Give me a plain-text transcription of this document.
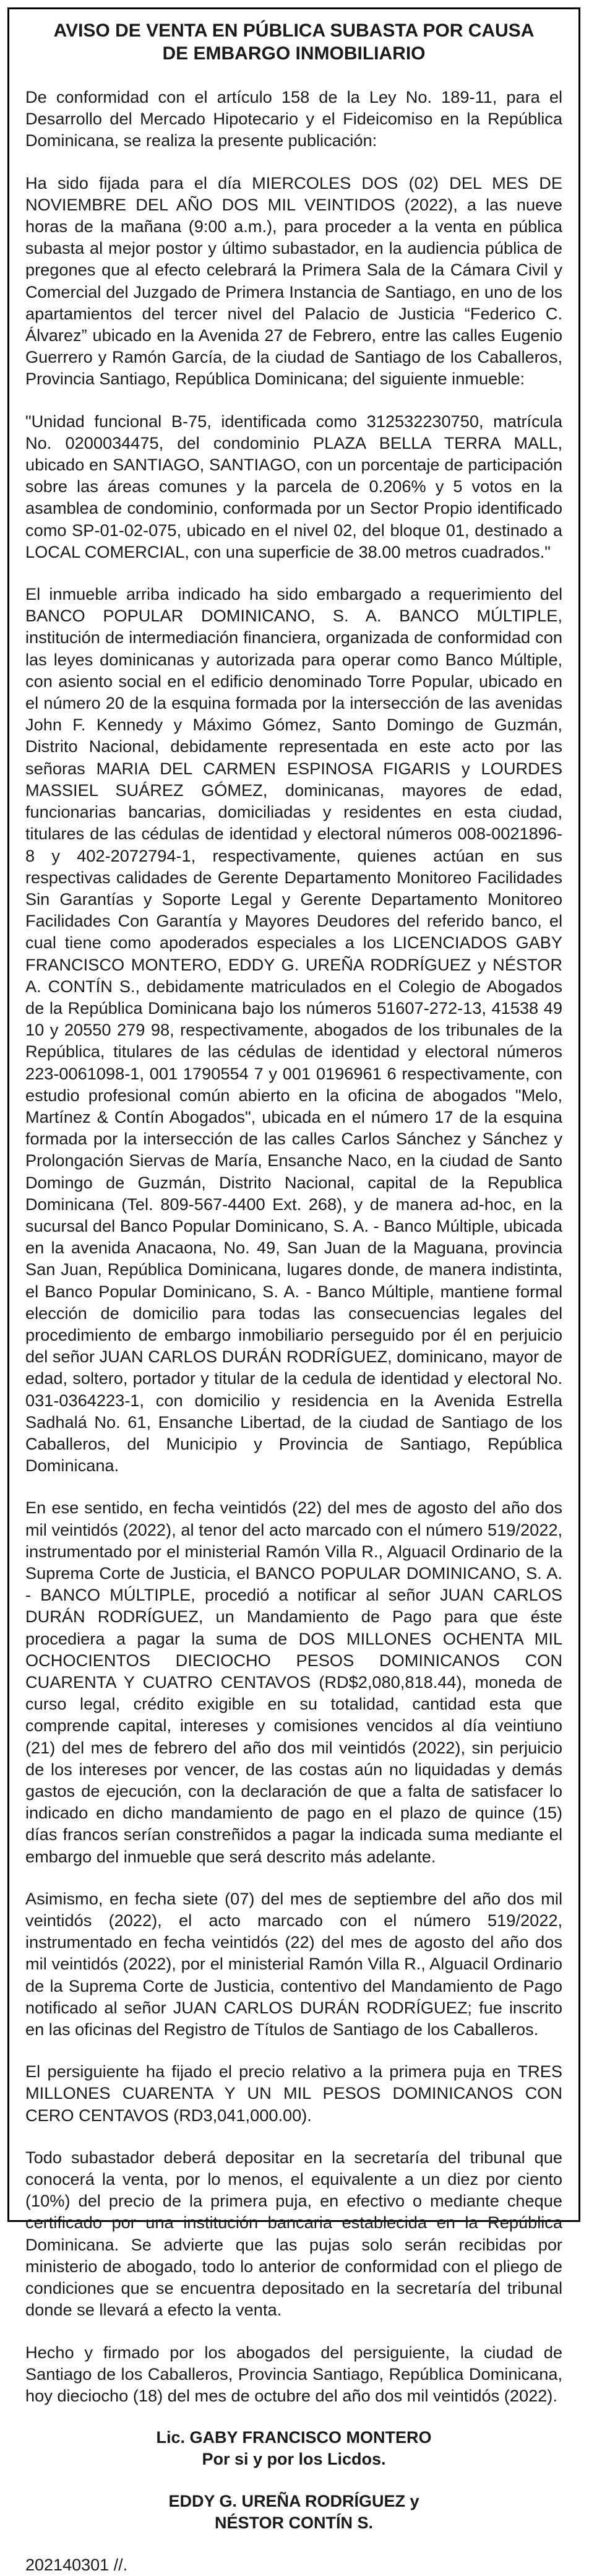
AVISO DE VENTA EN PÚBLICA SUBASTA POR CAUSA
DE EMBARGO INMOBILIARIO

De conformidad con el artículo 158 de la Ley No. 189-11, para el Desarrollo del Mercado Hipotecario y el Fideicomiso en la República Dominicana, se realiza la presente publicación:

Ha sido fijada para el día MIERCOLES DOS (02) DEL MES DE NOVIEMBRE DEL AÑO DOS MIL VEINTIDOS (2022), a las nueve horas de la mañana (9:00 a.m.), para proceder a la venta en pública subasta al mejor postor y último subastador, en la audiencia pública de pregones que al efecto celebrará la Primera Sala de la Cámara Civil y Comercial del Juzgado de Primera Instancia de Santiago, en uno de los apartamientos del tercer nivel del Palacio de Justicia “Federico C. Álvarez” ubicado en la Avenida 27 de Febrero, entre las calles Eugenio Guerrero y Ramón García, de la ciudad de Santiago de los Caballeros, Provincia Santiago, República Dominicana; del siguiente inmueble:

"Unidad funcional B-75, identificada como 312532230750, matrícula No. 0200034475, del condominio PLAZA BELLA TERRA MALL, ubicado en SANTIAGO, SANTIAGO, con un porcentaje de participación sobre las áreas comunes y la parcela de 0.206% y 5 votos en la asamblea de condominio, conformada por un Sector Propio identificado como SP-01-02-075, ubicado en el nivel 02, del bloque 01, destinado a LOCAL COMERCIAL, con una superficie de 38.00 metros cuadrados."

El inmueble arriba indicado ha sido embargado a requerimiento del BANCO POPULAR DOMINICANO, S. A. BANCO MÚLTIPLE, institución de intermediación financiera, organizada de conformidad con las leyes dominicanas y autorizada para operar como Banco Múltiple, con asiento social en el edificio denominado Torre Popular, ubicado en el número 20 de la esquina formada por la intersección de las avenidas John F. Kennedy y Máximo Gómez, Santo Domingo de Guzmán, Distrito Nacional, debidamente representada en este acto por las señoras MARIA DEL CARMEN ESPINOSA FIGARIS y LOURDES MASSIEL SUÁREZ GÓMEZ, dominicanas, mayores de edad, funcionarias bancarias, domiciliadas y residentes en esta ciudad, titulares de las cédulas de identidad y electoral números 008-0021896-8 y 402-2072794-1, respectivamente, quienes actúan en sus respectivas calidades de Gerente Departamento Monitoreo Facilidades Sin Garantías y Soporte Legal y Gerente Departamento Monitoreo Facilidades Con Garantía y Mayores Deudores del referido banco, el cual tiene como apoderados especiales a los LICENCIADOS GABY FRANCISCO MONTERO, EDDY G. UREÑA RODRÍGUEZ y NÉSTOR A. CONTÍN S., debidamente matriculados en el Colegio de Abogados de la República Dominicana bajo los números 51607-272-13, 41538 49 10 y 20550 279 98, respectivamente, abogados de los tribunales de la República, titulares de las cédulas de identidad y electoral números 223-0061098-1, 001 1790554 7 y 001 0196961 6 respectivamente, con estudio profesional común abierto en la oficina de abogados "Melo, Martínez & Contín Abogados", ubicada en el número 17 de la esquina formada por la intersección de las calles Carlos Sánchez y Sánchez y Prolongación Siervas de María, Ensanche Naco, en la ciudad de Santo Domingo de Guzmán, Distrito Nacional, capital de la Republica Dominicana (Tel. 809-567-4400 Ext. 268), y de manera ad-hoc, en la sucursal del Banco Popular Dominicano, S. A. - Banco Múltiple, ubicada en la avenida Anacaona, No. 49, San Juan de la Maguana, provincia San Juan, República Dominicana, lugares donde, de manera indistinta, el Banco Popular Dominicano, S. A. - Banco Múltiple, mantiene formal elección de domicilio para todas las consecuencias legales del procedimiento de embargo inmobiliario perseguido por él en perjuicio del señor JUAN CARLOS DURÁN RODRÍGUEZ, dominicano, mayor de edad, soltero, portador y titular de la cedula de identidad y electoral No. 031-0364223-1, con domicilio y residencia en la Avenida Estrella Sadhalá No. 61, Ensanche Libertad, de la ciudad de Santiago de los Caballeros, del Municipio y Provincia de Santiago, República Dominicana.

En ese sentido, en fecha veintidós (22) del mes de agosto del año dos mil veintidós (2022), al tenor del acto marcado con el número 519/2022, instrumentado por el ministerial Ramón Villa R., Alguacil Ordinario de la Suprema Corte de Justicia, el BANCO POPULAR DOMINICANO, S. A. - BANCO MÚLTIPLE, procedió a notificar al señor JUAN CARLOS DURÁN RODRÍGUEZ, un Mandamiento de Pago para que éste procediera a pagar la suma de DOS MILLONES OCHENTA MIL OCHOCIENTOS DIECIOCHO PESOS DOMINICANOS CON CUARENTA Y CUATRO CENTAVOS (RD$2,080,818.44), moneda de curso legal, crédito exigible en su totalidad, cantidad esta que comprende capital, intereses y comisiones vencidos al día veintiuno (21) del mes de febrero del año dos mil veintidós (2022), sin perjuicio de los intereses por vencer, de las costas aún no liquidadas y demás gastos de ejecución, con la declaración de que a falta de satisfacer lo indicado en dicho mandamiento de pago en el plazo de quince (15) días francos serían constreñidos a pagar la indicada suma mediante el embargo del inmueble que será descrito más adelante.

Asimismo, en fecha siete (07) del mes de septiembre del año dos mil veintidós (2022), el acto marcado con el número 519/2022, instrumentado en fecha veintidós (22) del mes de agosto del año dos mil veintidós (2022), por el ministerial Ramón Villa R., Alguacil Ordinario de la Suprema Corte de Justicia, contentivo del Mandamiento de Pago notificado al señor JUAN CARLOS DURÁN RODRÍGUEZ; fue inscrito en las oficinas del Registro de Títulos de Santiago de los Caballeros.

El persiguiente ha fijado el precio relativo a la primera puja en TRES MILLONES CUARENTA Y UN MIL PESOS DOMINICANOS CON CERO CENTAVOS (RD3,041,000.00).

Todo subastador deberá depositar en la secretaría del tribunal que conocerá la venta, por lo menos, el equivalente a un diez por ciento (10%) del precio de la primera puja, en efectivo o mediante cheque certificado por una institución bancaria establecida en la República Dominicana. Se advierte que las pujas solo serán recibidas por ministerio de abogado, todo lo anterior de conformidad con el pliego de condiciones que se encuentra depositado en la secretaría del tribunal donde se llevará a efecto la venta.

Hecho y firmado por los abogados del persiguiente, la ciudad de Santiago de los Caballeros, Provincia Santiago, República Dominicana, hoy dieciocho (18) del mes de octubre del año dos mil veintidós (2022).

Lic. GABY FRANCISCO MONTERO
Por si y por los Licdos.
EDDY G. UREÑA RODRÍGUEZ y
NÉSTOR CONTÍN S.
202140301 //.
